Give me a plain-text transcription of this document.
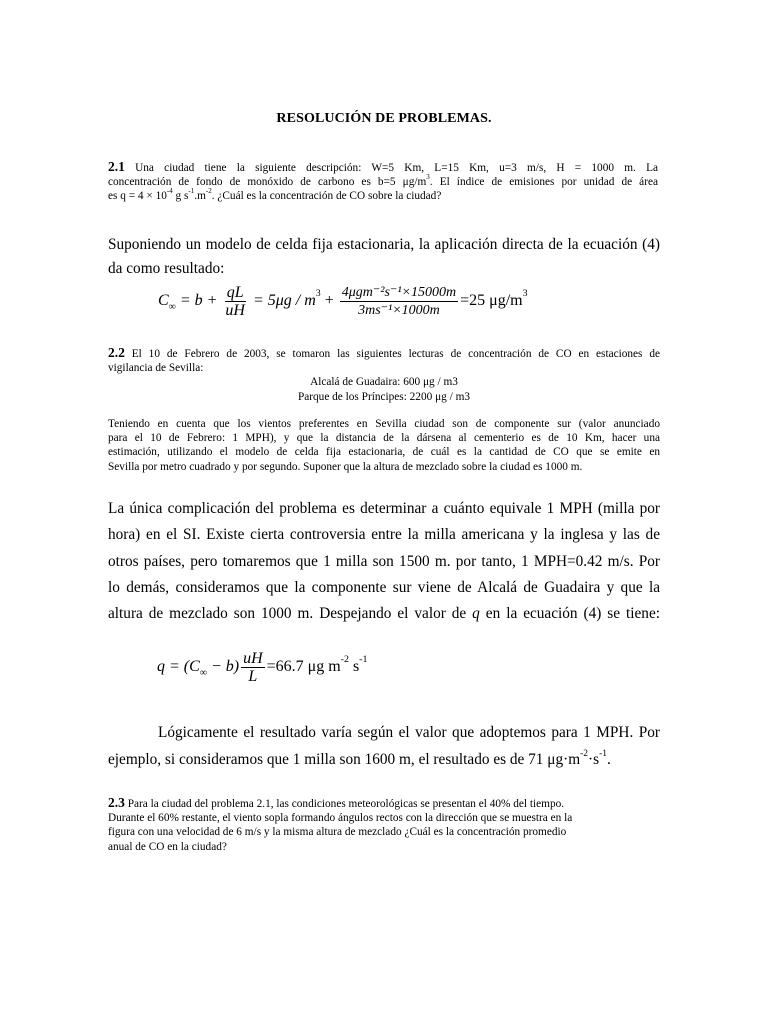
RESOLUCIÓN DE PROBLEMAS.
2.1 Una ciudad tiene la siguiente descripción: W=5 Km, L=15 Km, u=3 m/s, H = 1000 m. La
concentración de fondo de monóxido de carbono es b=5 $\mu g/m^3$. El índice de emisiones por unidad de área
es $q = 4 \times 10^{-4}$ g $s^{-1}.m^{-2}$. ¿Cuál es la concentración de CO sobre la ciudad?
Suponiendo un modelo de celda fija estacionaria, la aplicación directa de la ecuación (4)
da como resultado:
$C_\infty = b + \frac{qL}{uH} = 5\mu g / m^3 + \frac{\text{4μgm⁻²s⁻¹×15000m}}{\text{3ms⁻¹×1000m}} =25$ $\mu g/m^3$
2.2 El 10 de Febrero de 2003, se tomaron las siguientes lecturas de concentración de CO en estaciones de
vigilancia de Sevilla:
Alcalá de Guadaira: 600 μg / m3
Parque de los Príncipes: 2200 μg / m3
Teniendo en cuenta que los vientos preferentes en Sevilla ciudad son de componente sur (valor anunciado
para el 10 de Febrero: 1 MPH), y que la distancia de la dársena al cementerio es de 10 Km, hacer una
estimación, utilizando el modelo de celda fija estacionaria, de cuál es la cantidad de CO que se emite en
Sevilla por metro cuadrado y por segundo. Suponer que la altura de mezclado sobre la ciudad es 1000 m.
La única complicación del problema es determinar a cuánto equivale 1 MPH (milla por
hora) en el SI. Existe cierta controversia entre la milla americana y la inglesa y las de
otros países, pero tomaremos que 1 milla son 1500 m. por tanto, 1 MPH=0.42 m/s. Por
lo demás, consideramos que la componente sur viene de Alcalá de Guadaira y que la
altura de mezclado son 1000 m. Despejando el valor de q en la ecuación (4) se tiene:
$q = (C_\infty - b) \frac{uH}{L} =66.7$ μg $m^{-2}$ $s^{-1}$
Lógicamente el resultado varía según el valor que adoptemos para 1 MPH. Por
ejemplo, si consideramos que 1 milla son 1600 m, el resultado es de 71 $\mu g\cdot m^{-2}\cdot s^{-1}$.
2.3 Para la ciudad del problema 2.1, las condiciones meteorológicas se presentan el 40% del tiempo.
Durante el 60% restante, el viento sopla formando ángulos rectos con la dirección que se muestra en la
figura con una velocidad de 6 m/s y la misma altura de mezclado ¿Cuál es la concentración promedio
anual de CO en la ciudad?
